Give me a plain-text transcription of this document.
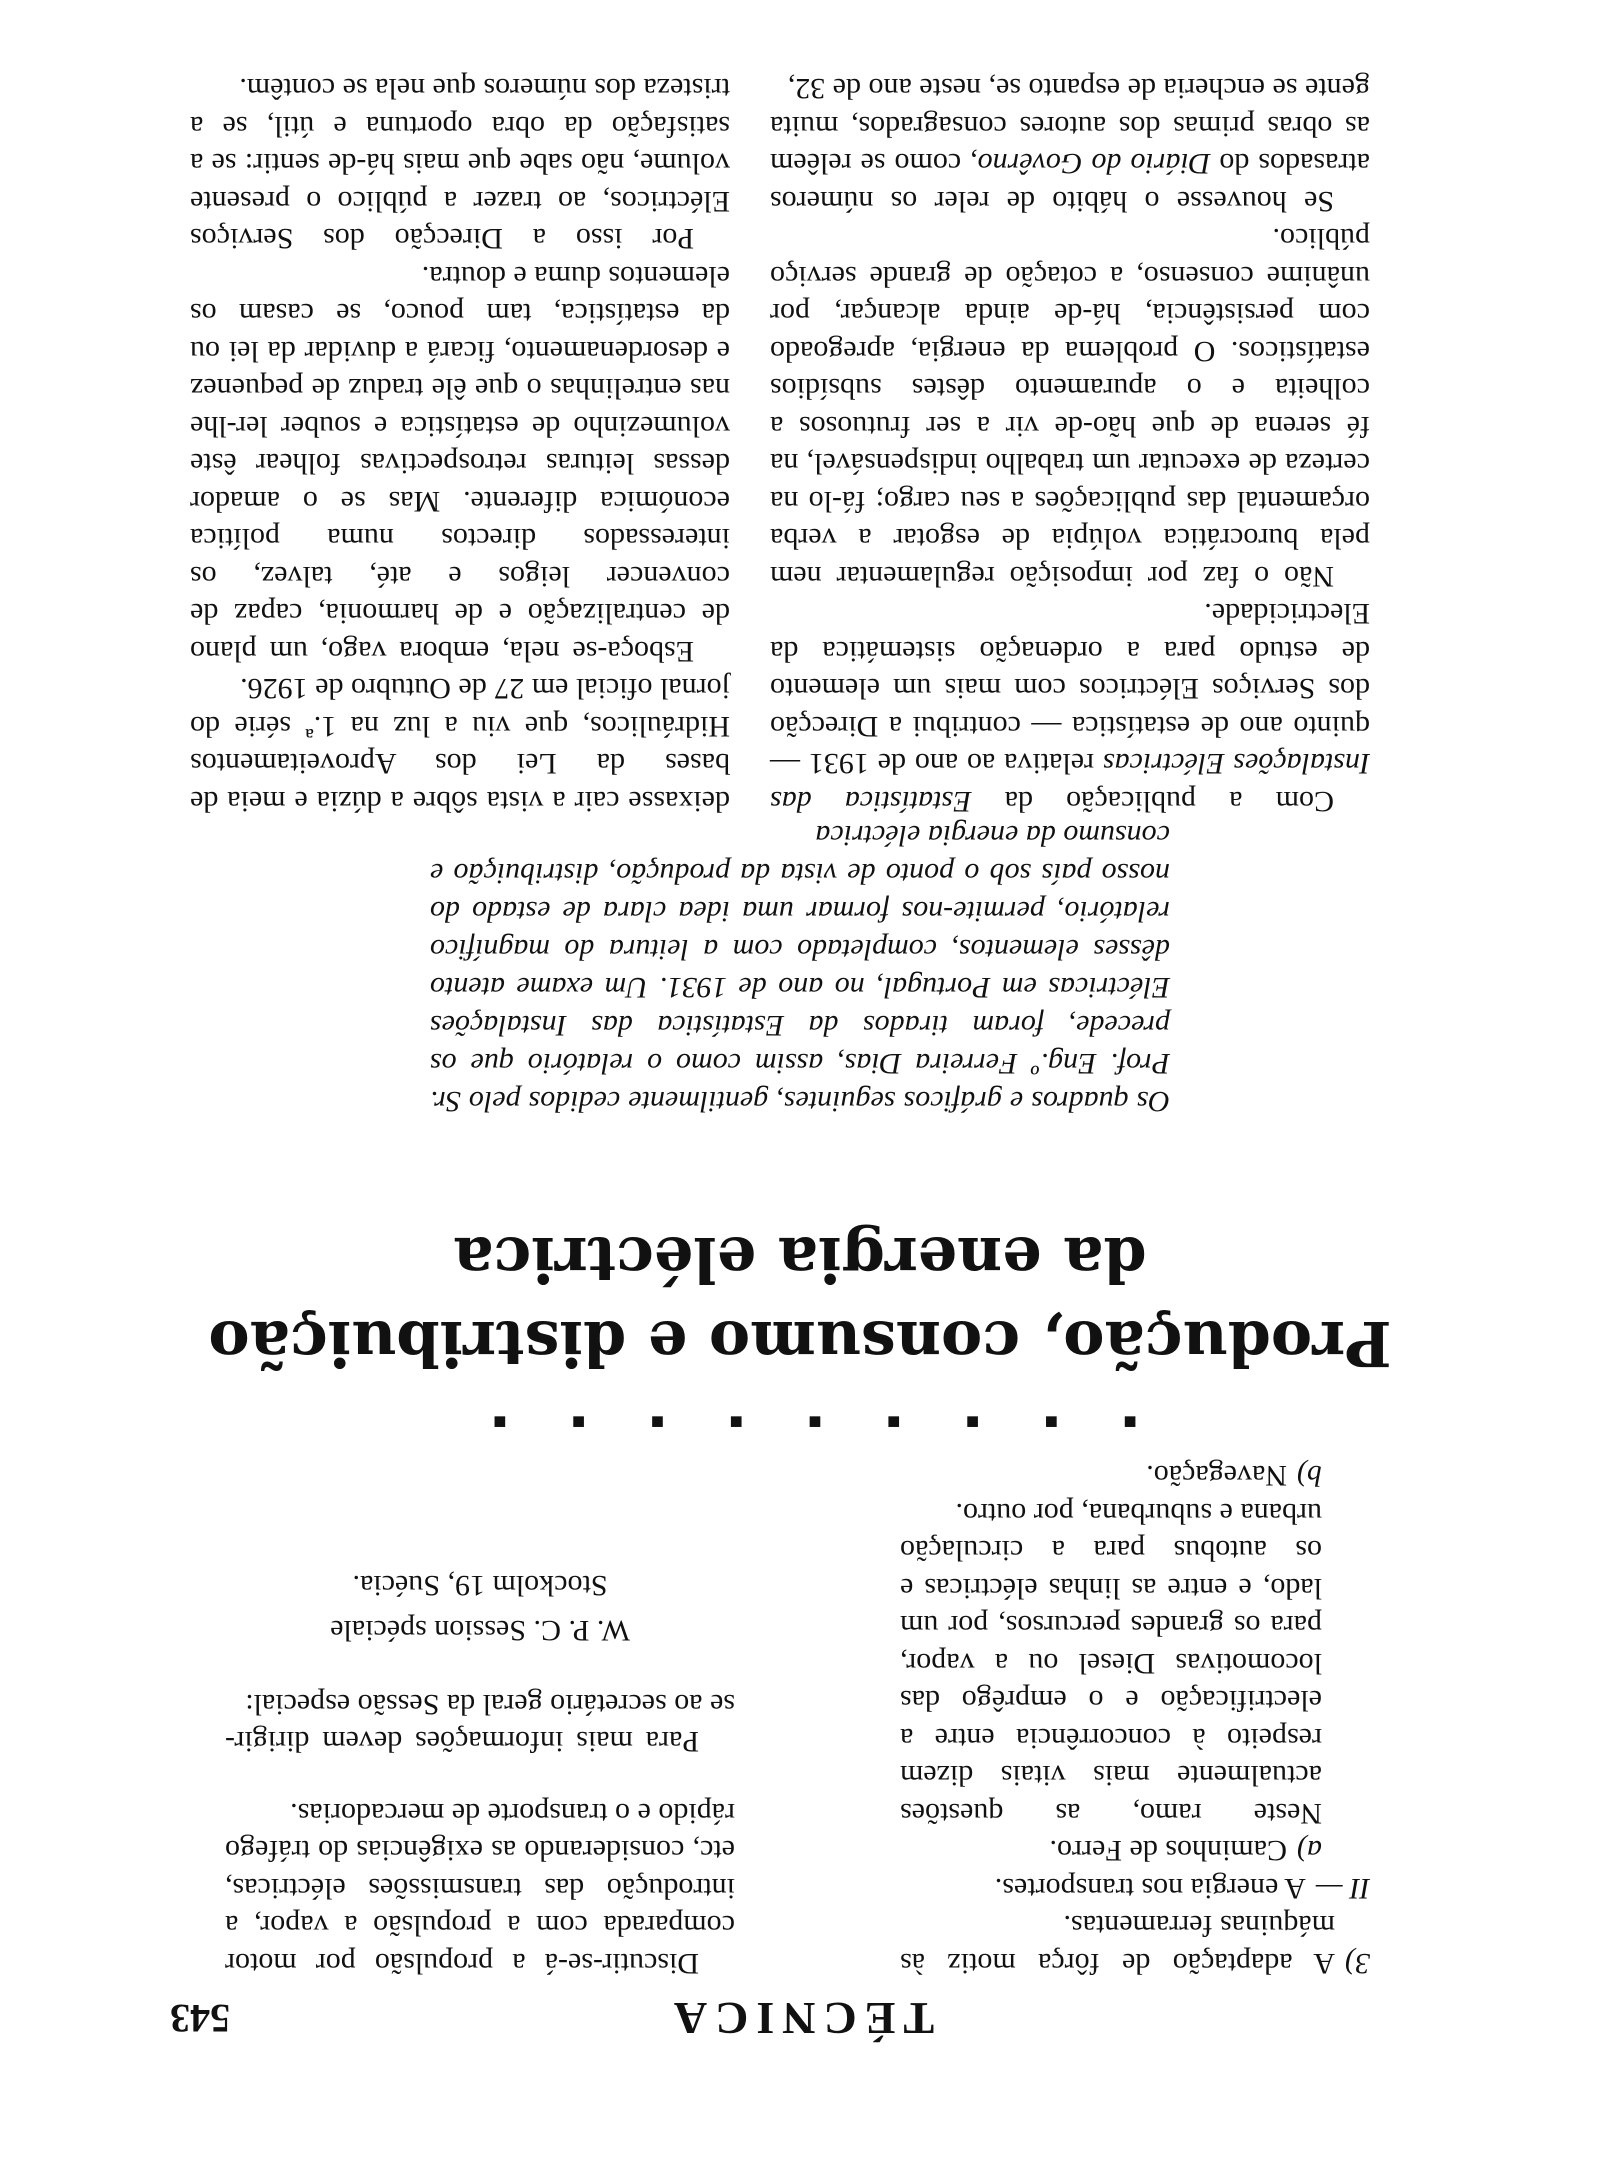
TÉCNICA
543
3)
A adaptação de fôrça motiz às máquinas ferramentas.
II —
A energia nos transportes.
a)
Caminhos de Ferro.

Neste ramo, as questões actualmente mais vitais dizem respeito à concorrência entre a electrificação e o emprêgo das locomotivas Diesel ou a vapor, para os grandes percursos, por um lado, e entre as linhas eléctricas e os autobus para a circulação urbana e suburbana, por outro.

b)
Navegação.

Discutir-se-á a propulsão por motor comparada com a propulsão a vapor, a introdução das transmissões eléctricas, etc, considerando as exigências do tráfego rápido e o transporte de mercadorias.

Para mais informações devem dirigir-se ao secretário geral da Sessão especial:

W. P. C. Session spéciale

Stockolm 19, Suécia.

■ ■ ■ ■ ■ ■ ■ ■ ■
Produção, consumo e distribuição
da energia eléctrica

Os quadros e gráficos seguintes, gentilmente cedidos pelo Sr. Prof. Eng.º Ferreira Dias, assim como o relatório que os precede, foram tirados da Estatística das Instalações Eléctricas em Portugal, no ano de 1931. Um exame atento dêsses elementos, completado com a leitura do magnífico relatório, permite-nos formar uma idea clara de estado do nosso país sob o ponto de vista da produção, distribuição e consumo da energia eléctrica

Com a publicação da Estatística das Instalações Eléctricas relativa ao ano de 1931 — quinto ano de estatística — contribui a Direcção dos Serviços Eléctricos com mais um elemento de estudo para a ordenação sistemática da Electricidade.

Não o faz por imposição regulamentar nem pela burocrática volúpia de esgotar a verba orçamental das publicações a seu cargo; fá-lo na certeza de executar um trabalho indispensável, na fé serena de que hão-de vir a ser frutuosos a colheita e o apuramento dêstes subsídios estatísticos. O problema da energia, apregoado com persistência, há-de ainda alcançar, por unânime consenso, a cotação de grande serviço público.

Se houvesse o hábito de reler os números atrasados do Diário do Govêrno, como se relêem as obras primas dos autores consagrados, muita gente se encheria de espanto se, neste ano de 32,

deixasse cair a vista sôbre a dúzia e meia de bases da Lei dos Aproveitamentos Hidráulicos, que viu a luz na 1.ª série do jornal oficial em 27 de Outubro de 1926.

Esboça-se nela, embora vago, um plano de centralização e de harmonia, capaz de convencer leigos e até, talvez, os interessados directos numa política económica diferente. Mas se o amador dessas leituras retrospectivas folhear êste volumezinho de estatística e souber ler-lhe nas entrelinhas o que êle traduz de pequenez e desordenamento, ficará a duvidar da lei ou da estatística, tam pouco, se casam os elementos duma e doutra.

Por isso a Direcção dos Serviços Eléctricos, ao trazer a público o presente volume, não sabe que mais há-de sentir: se a satisfação da obra oportuna e útil, se a tristeza dos números que nela se contêm.
